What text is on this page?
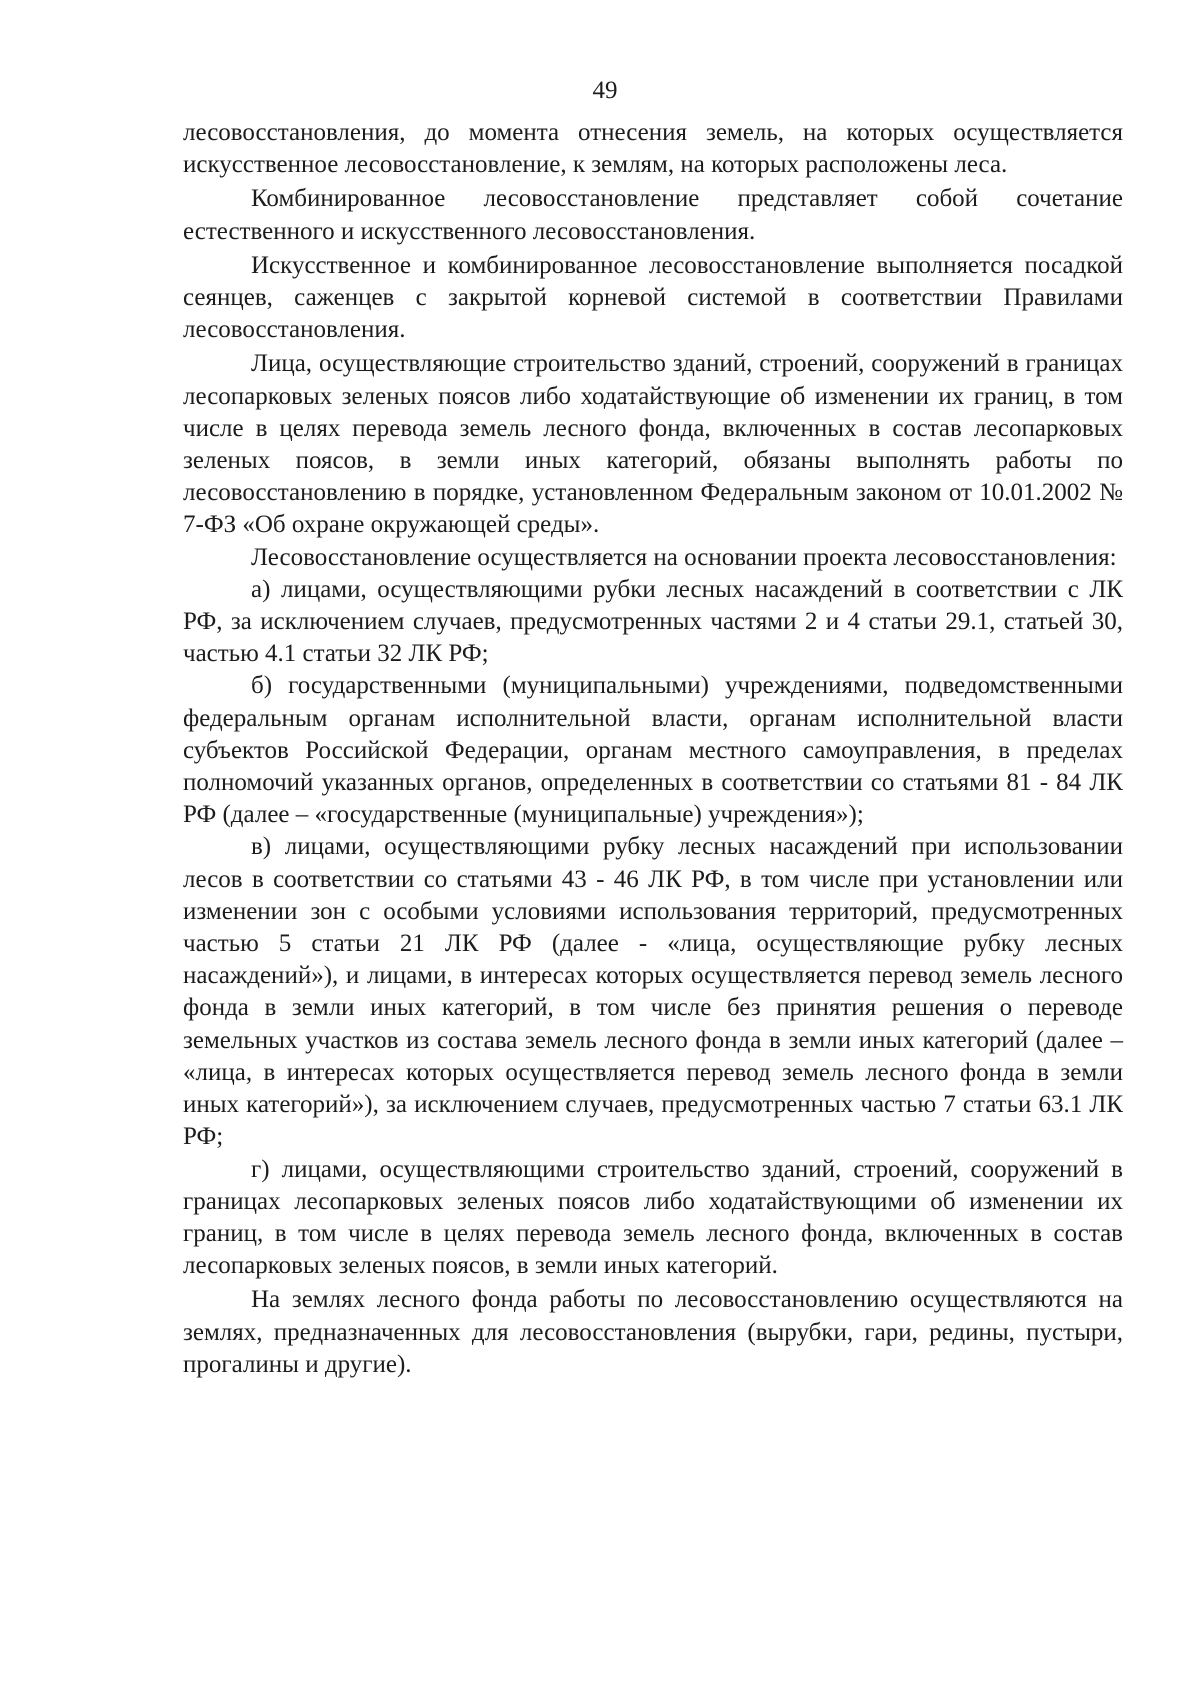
49

лесовосстановления, до момента отнесения земель, на которых осуществляется искусственное лесовосстановление, к землям, на которых расположены леса.

Комбинированное лесовосстановление представляет собой сочетание естественного и искусственного лесовосстановления.

Искусственное и комбинированное лесовосстановление выполняется посадкой сеянцев, саженцев с закрытой корневой системой в соответствии Правилами лесовосстановления.

Лица, осуществляющие строительство зданий, строений, сооружений в границах лесопарковых зеленых поясов либо ходатайствующие об изменении их границ, в том числе в целях перевода земель лесного фонда, включенных в состав лесопарковых зеленых поясов, в земли иных категорий, обязаны выполнять работы по лесовосстановлению в порядке, установленном Федеральным законом от 10.01.2002 № 7-ФЗ «Об охране окружающей среды».

Лесовосстановление осуществляется на основании проекта лесовосстановления:

а) лицами, осуществляющими рубки лесных насаждений в соответствии с ЛК РФ, за исключением случаев, предусмотренных частями 2 и 4 статьи 29.1, статьей 30, частью 4.1 статьи 32 ЛК РФ;

б) государственными (муниципальными) учреждениями, подведомственными федеральным органам исполнительной власти, органам исполнительной власти субъектов Российской Федерации, органам местного самоуправления, в пределах полномочий указанных органов, определенных в соответствии со статьями 81 - 84 ЛК РФ (далее – «государственные (муниципальные) учреждения»);

в) лицами, осуществляющими рубку лесных насаждений при использовании лесов в соответствии со статьями 43 - 46 ЛК РФ, в том числе при установлении или изменении зон с особыми условиями использования территорий, предусмотренных частью 5 статьи 21 ЛК РФ (далее - «лица, осуществляющие рубку лесных насаждений»), и лицами, в интересах которых осуществляется перевод земель лесного фонда в земли иных категорий, в том числе без принятия решения о переводе земельных участков из состава земель лесного фонда в земли иных категорий (далее – «лица, в интересах которых осуществляется перевод земель лесного фонда в земли иных категорий»), за исключением случаев, предусмотренных частью 7 статьи 63.1 ЛК РФ;

г) лицами, осуществляющими строительство зданий, строений, сооружений в границах лесопарковых зеленых поясов либо ходатайствующими об изменении их границ, в том числе в целях перевода земель лесного фонда, включенных в состав лесопарковых зеленых поясов, в земли иных категорий.

На землях лесного фонда работы по лесовосстановлению осуществляются на землях, предназначенных для лесовосстановления (вырубки, гари, редины, пустыри, прогалины и другие).
